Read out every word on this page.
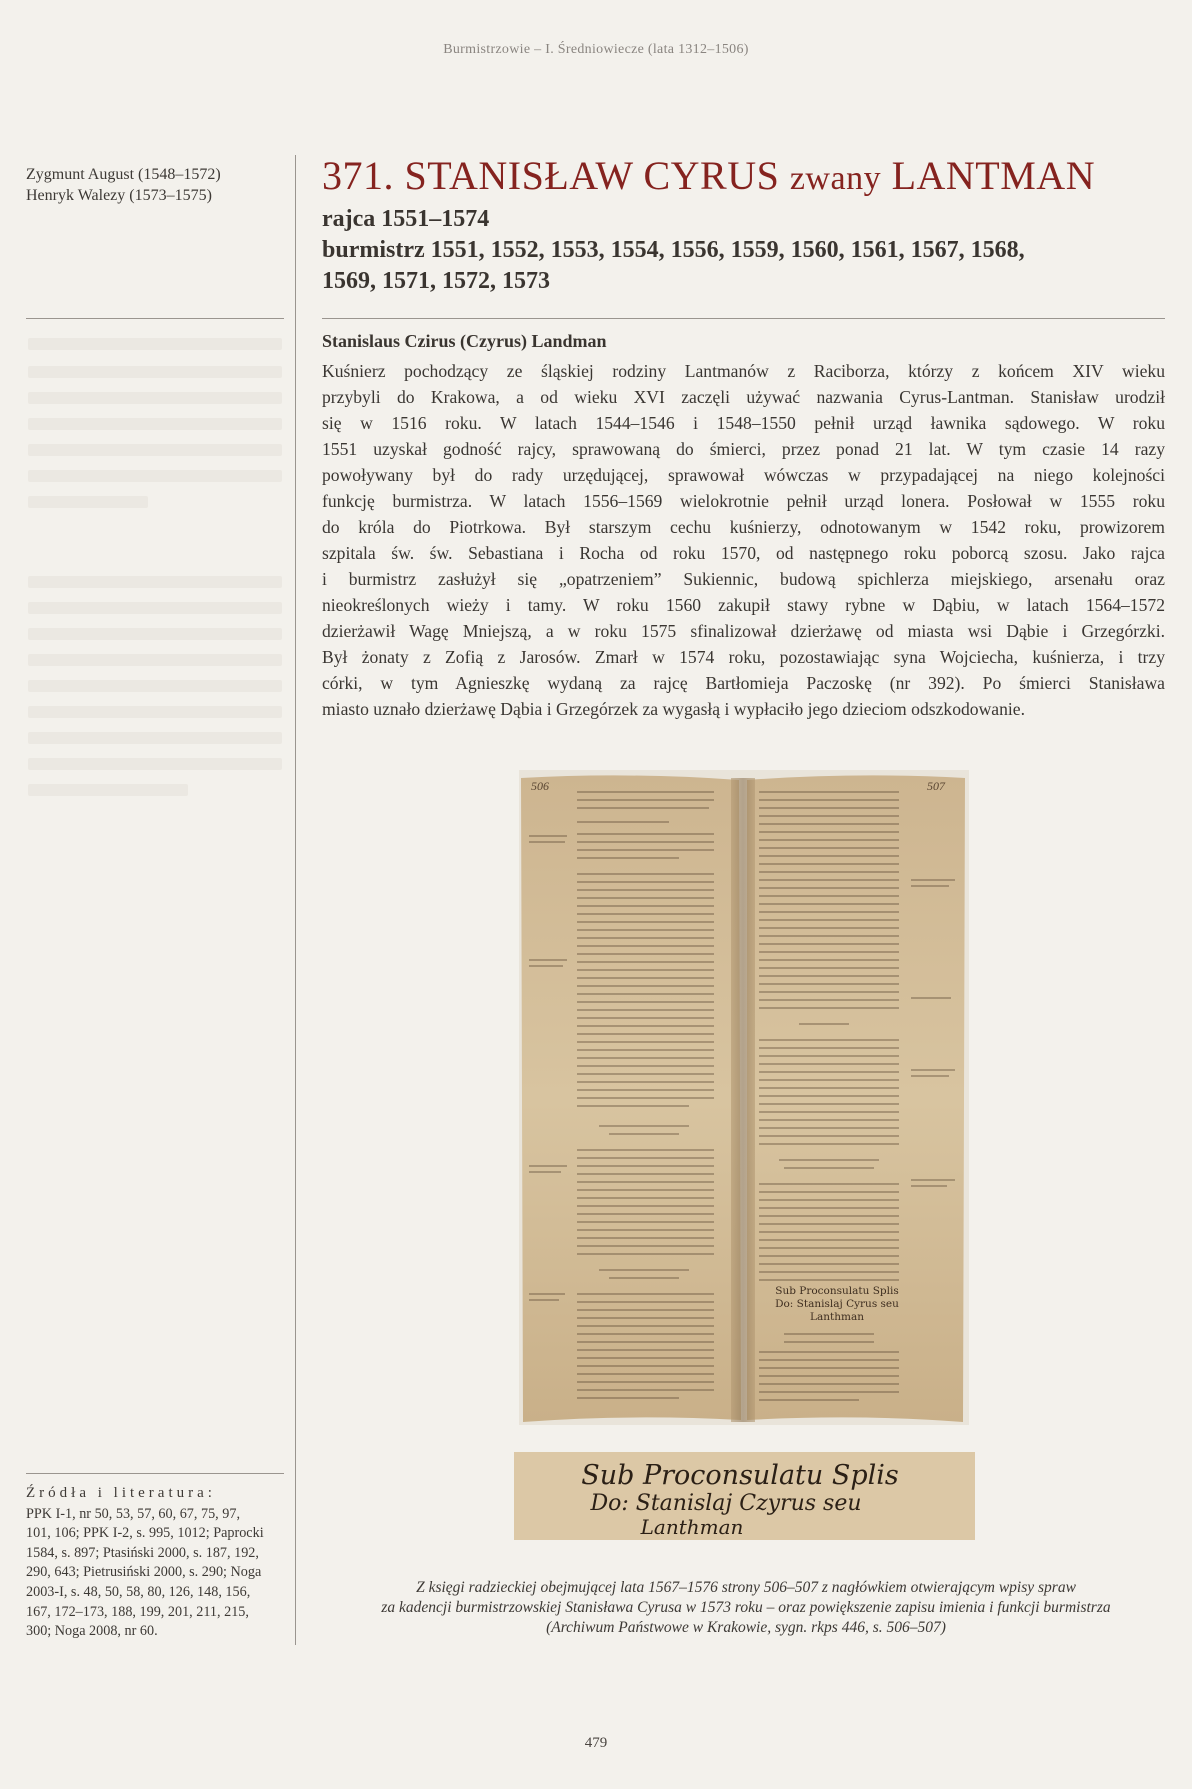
Burmistrzowie – I. Średniowiecze (lata 1312–1506)
Zygmunt August (1548–1572)
Henryk Walezy (1573–1575)	371. STANISŁAW CYRUS zwany LANTMAN
rajca 1551–1574
burmistrz 1551, 1552, 1553, 1554, 1556, 1559, 1560, 1561, 1567, 1568,
1569, 1571, 1572, 1573
Stanislaus Czirus (Czyrus) Landman
Kuśnierz pochodzący ze śląskiej rodziny Lantmanów z Raciborza, którzy z końcem XIV wieku
przybyli do Krakowa, a od wieku XVI zaczęli używać nazwania Cyrus-Lantman. Stanisław urodził
się w 1516 roku. W latach 1544–1546 i 1548–1550 pełnił urząd ławnika sądowego. W roku
1551 uzyskał godność rajcy, sprawowaną do śmierci, przez ponad 21 lat. W tym czasie 14 razy
powoływany był do rady urzędującej, sprawował wówczas w przypadającej na niego kolejności
funkcję burmistrza. W latach 1556–1569 wielokrotnie pełnił urząd lonera. Posłował w 1555 roku
do króla do Piotrkowa. Był starszym cechu kuśnierzy, odnotowanym w 1542 roku, prowizorem
szpitala św. św. Sebastiana i Rocha od roku 1570, od następnego roku poborcą szosu. Jako rajca
i burmistrz zasłużył się „opatrzeniem” Sukiennic, budową spichlerza miejskiego, arsenału oraz
nieokreślonych wieży i tamy. W roku 1560 zakupił stawy rybne w Dąbiu, w latach 1564–1572
dzierżawił Wagę Mniejszą, a w roku 1575 sfinalizował dzierżawę od miasta wsi Dąbie i Grzegórzki.
Był żonaty z Zofią z Jarosów. Zmarł w 1574 roku, pozostawiając syna Wojciecha, kuśnierza, i trzy
córki, w tym Agnieszkę wydaną za rajcę Bartłomieja Paczoskę (nr 392). Po śmierci Stanisława
miasto uznało dzierżawę Dąbia i Grzegórzek za wygasłą i wypłaciło jego dzieciom odszkodowanie.
506	507
Sub Proconsulatu Splis
Do: Stanislaj Cyrus seu
Lanthman
Sub Proconsulatu Splis
Do: Stanislaj Czyrus seu
Lanthman
Z księgi radzieckiej obejmującej lata 1567–1576 strony 506–507 z nagłówkiem otwierającym wpisy spraw
za kadencji burmistrzowskiej Stanisława Cyrusa w 1573 roku – oraz powiększenie zapisu imienia i funkcji burmistrza
(Archiwum Państwowe w Krakowie, sygn. rkps 446, s. 506–507)
Źródła i literatura:
PPK I-1, nr 50, 53, 57, 60, 67, 75, 97,
101, 106; PPK I-2, s. 995, 1012; Paprocki
1584, s. 897; Ptasiński 2000, s. 187, 192,
290, 643; Pietrusiński 2000, s. 290; Noga
2003-I, s. 48, 50, 58, 80, 126, 148, 156,
167, 172–173, 188, 199, 201, 211, 215,
300; Noga 2008, nr 60.
479
